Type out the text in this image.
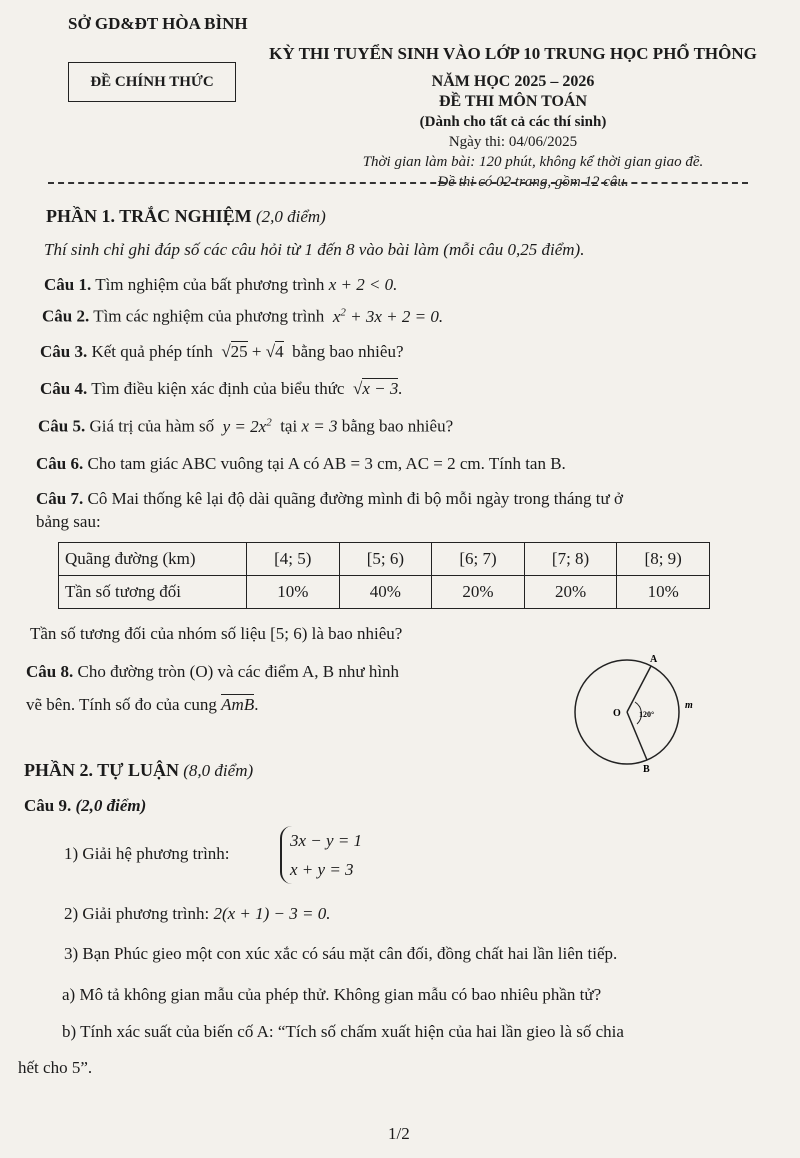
SỞ GD&ĐT HÒA BÌNH
ĐỀ CHÍNH THỨC
KỲ THI TUYỂN SINH VÀO LỚP 10 TRUNG HỌC PHỔ THÔNG
NĂM HỌC 2025 – 2026
ĐỀ THI MÔN TOÁN
(Dành cho tất cả các thí sinh)
Ngày thi: 04/06/2025
Thời gian làm bài: 120 phút, không kể thời gian giao đề.
Đề thi có 02 trang, gồm 12 câu.
PHẦN 1. TRẮC NGHIỆM (2,0 điểm)
Thí sinh chỉ ghi đáp số các câu hỏi từ 1 đến 8 vào bài làm (mỗi câu 0,25 điểm).
Câu 1. Tìm nghiệm của bất phương trình x + 2 < 0.
Câu 2. Tìm các nghiệm của phương trình  $x^2 + 3x + 2 = 0$.
Câu 3. Kết quả phép tính  √25 + √4 bằng bao nhiêu?
Câu 4. Tìm điều kiện xác định của biểu thức  √x − 3.
Câu 5. Giá trị của hàm số  $y = 2x^2$ tại x = 3 bằng bao nhiêu?
Câu 6. Cho tam giác ABC vuông tại A có AB = 3 cm, AC = 2 cm. Tính tan B.
Câu 7. Cô Mai thống kê lại độ dài quãng đường mình đi bộ mỗi ngày trong tháng tư ở
bảng sau:
Quãng đường (km)	[4; 5)	[5; 6)	[6; 7)	[7; 8)	[8; 9)
Tần số tương đối	10%	40%	20%	20%	10%
Tần số tương đối của nhóm số liệu [5; 6) là bao nhiêu?
Câu 8. Cho đường tròn (O) và các điểm A, B như hình
vẽ bên. Tính số đo của cung AmB.
A
B
O
m
120°
PHẦN 2. TỰ LUẬN (8,0 điểm)
Câu 9. (2,0 điểm)
1) Giải hệ phương trình:
3x − y = 1
x + y = 3
2) Giải phương trình: 2(x + 1) − 3 = 0.
3) Bạn Phúc gieo một con xúc xắc có sáu mặt cân đối, đồng chất hai lần liên tiếp.
a) Mô tả không gian mẫu của phép thử. Không gian mẫu có bao nhiêu phần tử?
b) Tính xác suất của biến cố A: “Tích số chấm xuất hiện của hai lần gieo là số chia
hết cho 5”.
1/2
